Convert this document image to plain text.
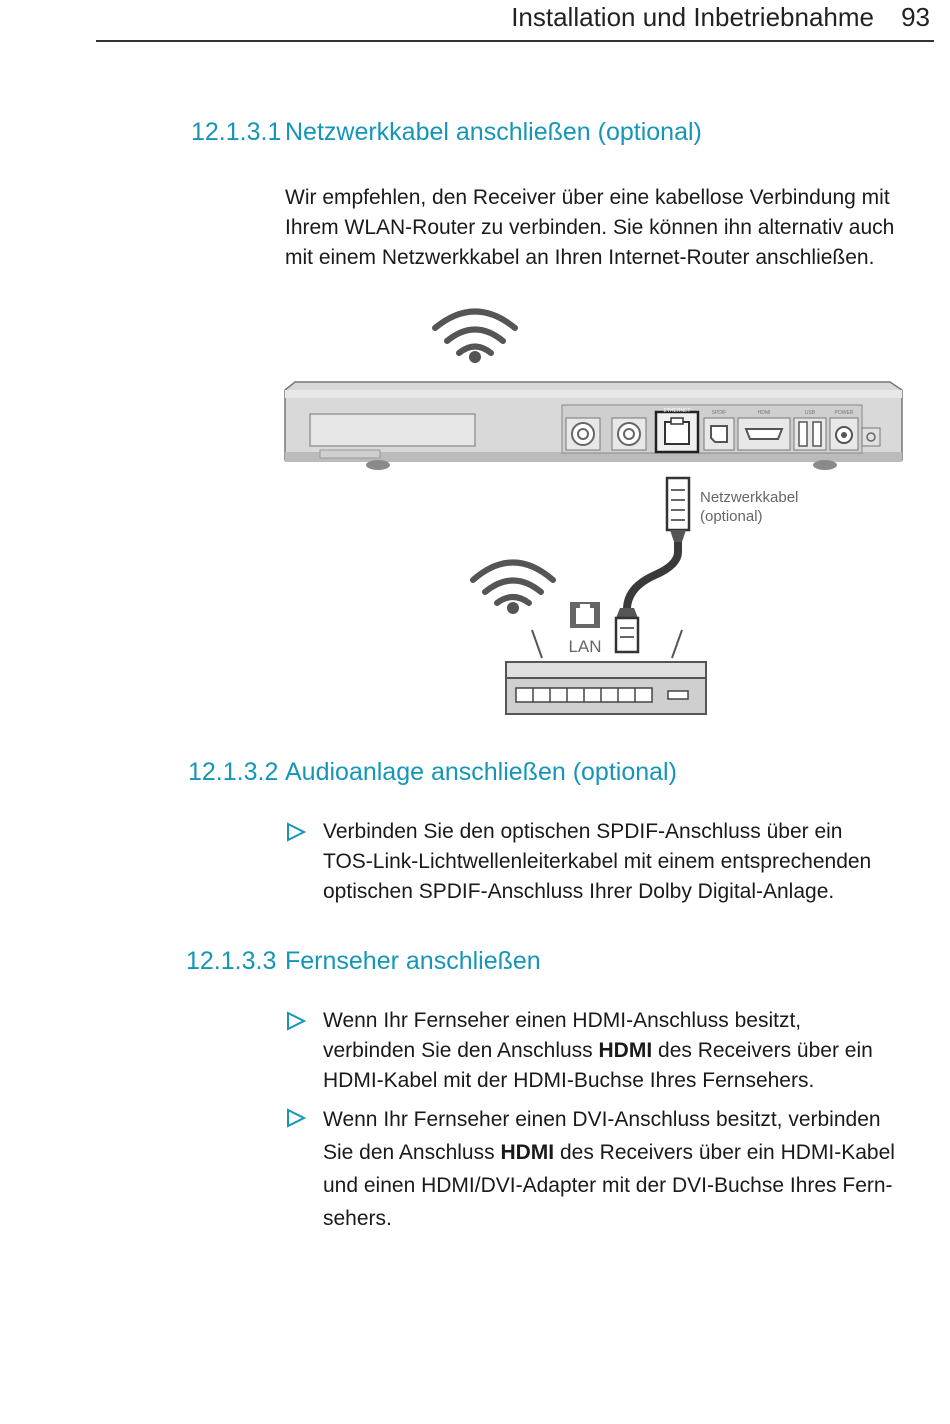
Installation und Inbetriebnahme 93
12.1.3.1 Netzwerkkabel anschließen (optional)
Wir empfehlen, den Receiver über eine kabellose Verbindung mit
Ihrem WLAN-Router zu verbinden. Sie können ihn alternativ auch
mit einem Netzwerkkabel an Ihren Internet-Router anschließen.
ETHERNET	SPDIF	HDMI	USB	POWER
Netzwerkkabel
(optional)
LAN
12.1.3.2 Audioanlage anschließen (optional)
Verbinden Sie den optischen SPDIF-Anschluss über ein
TOS-Link-Lichtwellenleiterkabel mit einem entsprechenden
optischen SPDIF-Anschluss Ihrer Dolby Digital-Anlage.
12.1.3.3 Fernseher anschließen
Wenn Ihr Fernseher einen HDMI-Anschluss besitzt,
verbinden Sie den Anschluss HDMI des Receivers über ein
HDMI-Kabel mit der HDMI-Buchse Ihres Fernsehers.
Wenn Ihr Fernseher einen DVI-Anschluss besitzt, verbinden
Sie den Anschluss HDMI des Receivers über ein HDMI-Kabel
und einen HDMI/DVI-Adapter mit der DVI-Buchse Ihres Fern-
sehers.
